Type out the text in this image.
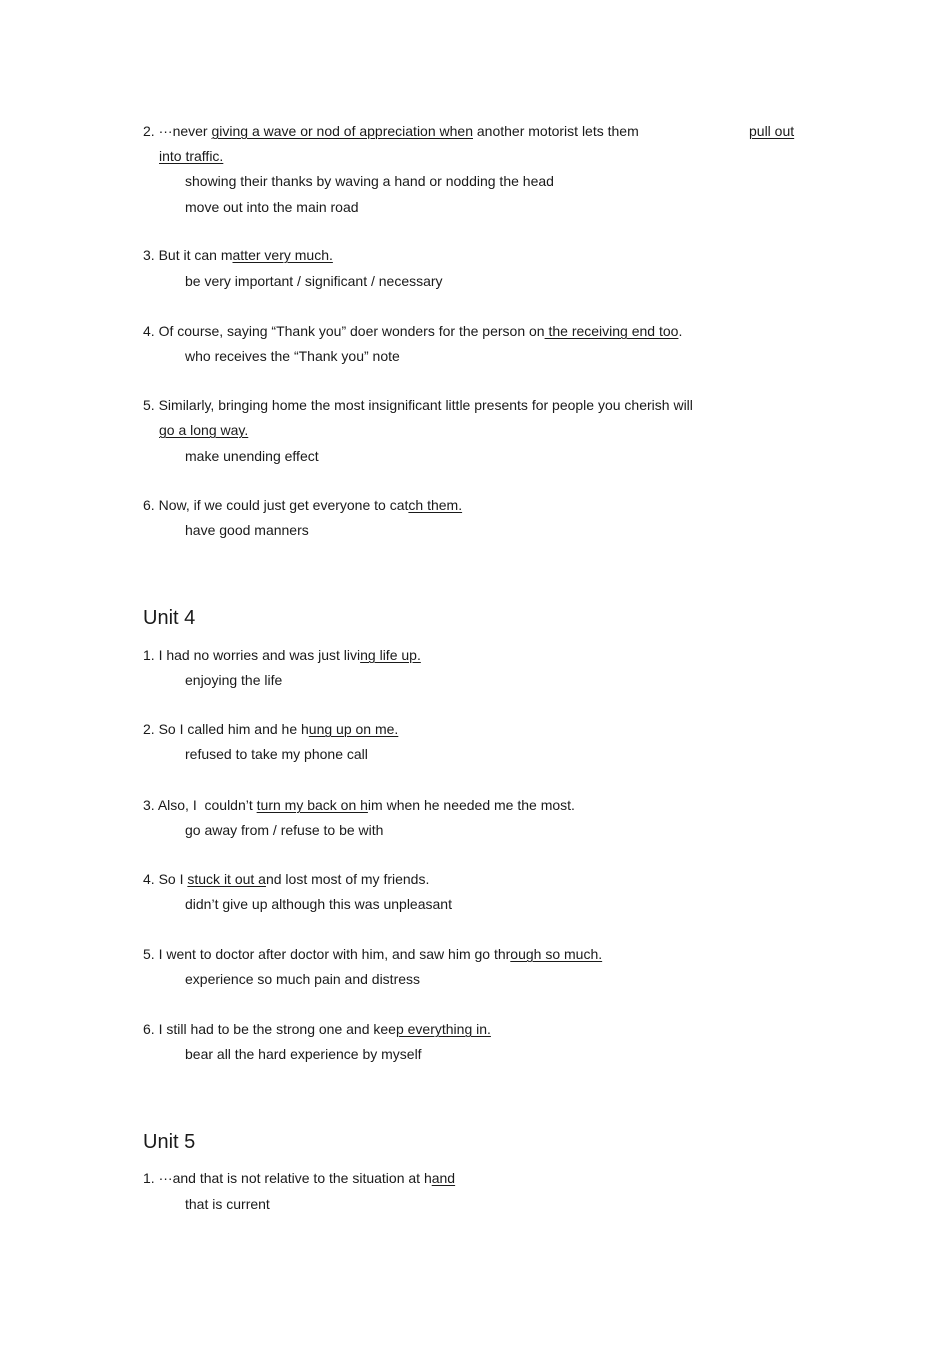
2. ···never giving a wave or nod of appreciation when another motorist lets them	pull out
into traffic.
showing their thanks by waving a hand or nodding the head
move out into the main road
3. But it can matter very much.
be very important / significant / necessary
4. Of course, saying “Thank you” doer wonders for the person on the receiving end too.
who receives the “Thank you” note
5. Similarly, bringing home the most insignificant little presents for people you cherish will
go a long way.
make unending effect
6. Now, if we could just get everyone to catch them.
have good manners
Unit 4
1. I had no worries and was just living life up.
enjoying the life
2. So I called him and he hung up on me.
refused to take my phone call
3. Also, I  couldn’t turn my back on him when he needed me the most.
go away from / refuse to be with
4. So I stuck it out and lost most of my friends.
didn’t give up although this was unpleasant
5. I went to doctor after doctor with him, and saw him go through so much.
experience so much pain and distress
6. I still had to be the strong one and keep everything in.
bear all the hard experience by myself
Unit 5
1. ···and that is not relative to the situation at hand
that is current
